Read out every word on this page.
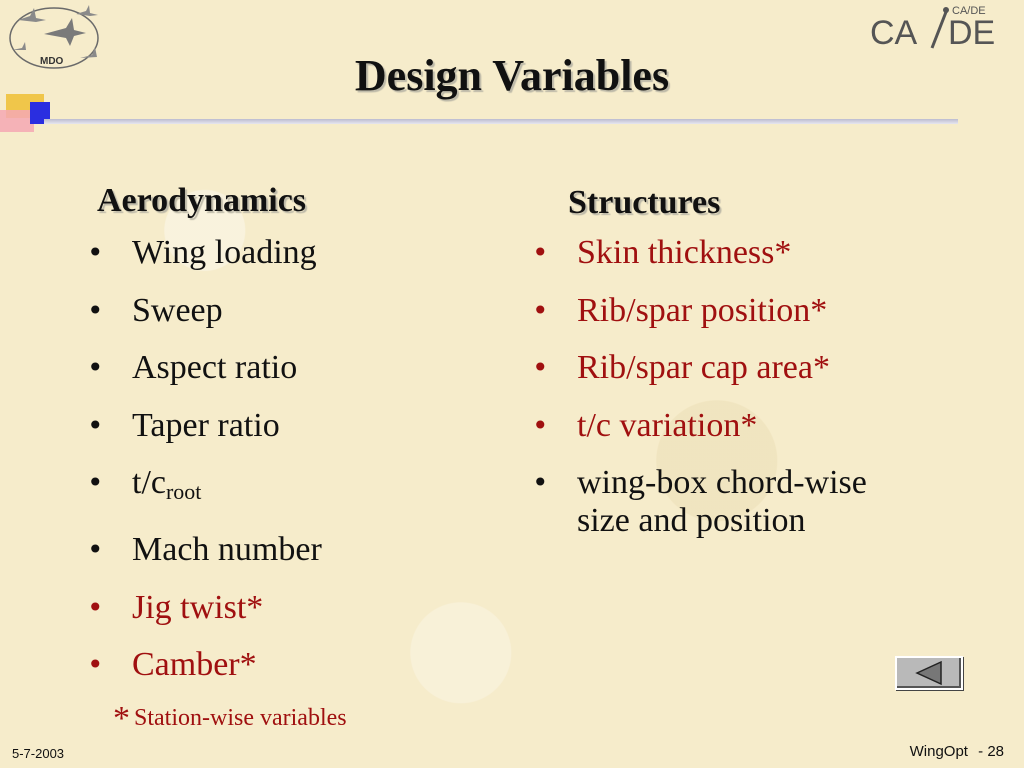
MDO
CA DE
CA/DE
CA/DE
Design Variables
Aerodynamics
• Wing loading
• Sweep
• Aspect ratio
• Taper ratio
• $t/c_{root}$
• Mach number
• Jig twist*
• Camber*
Structures
• Skin thickness*
• Rib/spar position*
• Rib/spar cap area*
• t/c variation*
• wing-box chord-wise
size and position
* Station-wise variables
5-7-2003	WingOpt - 28
